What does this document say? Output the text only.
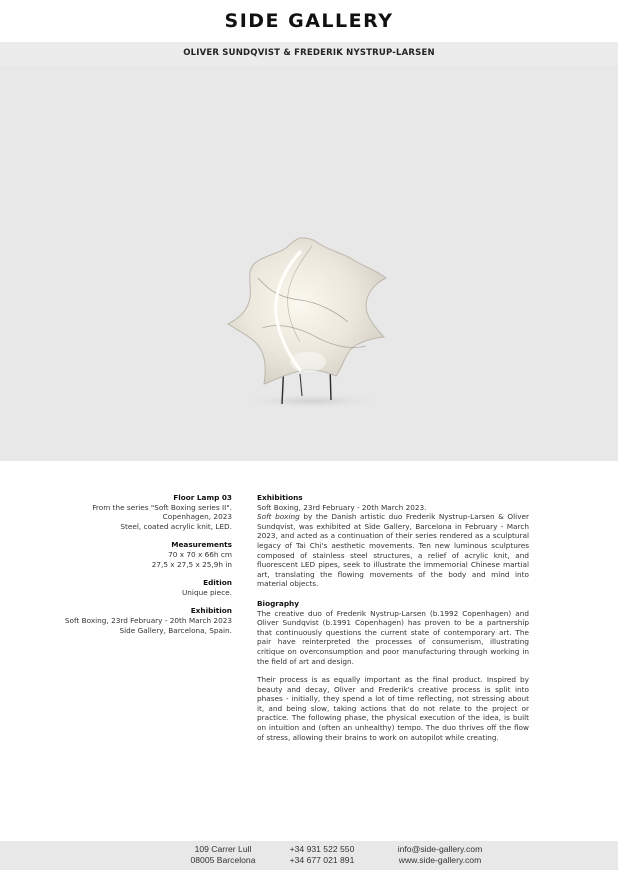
SIDE GALLERY
OLIVER SUNDQVIST & FREDERIK NYSTRUP-LARSEN
Floor Lamp 03
From the series "Soft Boxing series II".
Copenhagen, 2023
Steel, coated acrylic knit, LED.
Measurements
70 x 70 x 66h cm
27,5 x 27,5 x 25,9h in
Edition
Unique piece.
Exhibition
Soft Boxing, 23rd February - 20th March 2023
Side Gallery, Barcelona, Spain.
Exhibitions
Soft Boxing, 23rd February - 20th March 2023.
Soft boxing by the Danish artistic duo Frederik Nystrup-Larsen & Oliver Sundqvist, was exhibited at Side Gallery, Barcelona in February - March 2023, and acted as a continuation of their series rendered as a sculptural legacy of Tai Chi's aesthetic movements. Ten new luminous sculptures composed of stainless steel structures, a relief of acrylic knit, and fluorescent LED pipes, seek to illustrate the immemorial Chinese martial art, translating the flowing movements of the body and mind into material objects.
Biography
The creative duo of Frederik Nystrup-Larsen (b.1992 Copenhagen) and Oliver Sundqvist (b.1991 Copenhagen) has proven to be a partnership that continuously questions the current state of contemporary art. The pair have reinterpreted the processes of consumerism, illustrating critique on overconsumption and poor manufacturing through working in the field of art and design.
Their process is as equally important as the final product. Inspired by beauty and decay, Oliver and Frederik's creative process is split into phases - initially, they spend a lot of time reflecting, not stressing about it, and being slow, taking actions that do not relate to the project or practice. The following phase, the physical execution of the idea, is built on intuition and (often an unhealthy) tempo. The duo thrives off the flow of stress, allowing their brains to work on autopilot while creating.
109 Carrer Lull
08005 Barcelona
+34 931 522 550
+34 677 021 891
info@side-gallery.com
www.side-gallery.com
